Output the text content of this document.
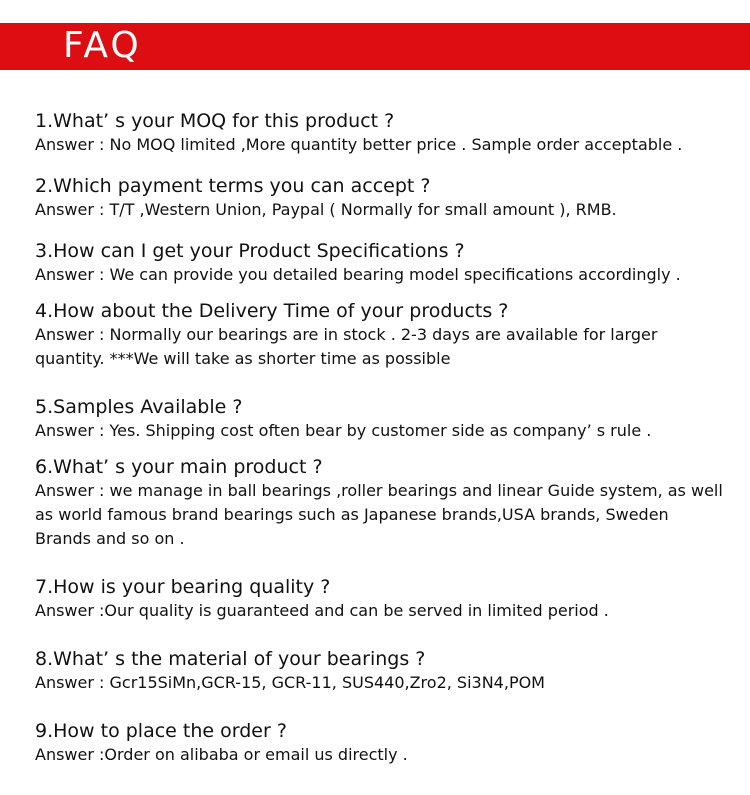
FAQ
1.What’ s your MOQ for this product ?

Answer : No MOQ limited ,More quantity better price . Sample order acceptable .

2.Which payment terms you can accept ?

Answer : T/T ,Western Union, Paypal ( Normally for small amount ), RMB.

3.How can I get your Product Specifications ?

Answer : We can provide you detailed bearing model specifications accordingly .

4.How about the Delivery Time of your products ?

Answer : Normally our bearings are in stock . 2-3 days are available for larger quantity. ***We will take as shorter time as possible

5.Samples Available ?

Answer : Yes. Shipping cost often bear by customer side as company’ s rule .

6.What’ s your main product ?

Answer : we manage in ball bearings ,roller bearings and linear Guide system, as well as world famous brand bearings such as Japanese brands,USA brands, Sweden Brands and so on .

7.How is your bearing quality ?

Answer :Our quality is guaranteed and can be served in limited period .

8.What’ s the material of your bearings ?

Answer : Gcr15SiMn,GCR-15, GCR-11, SUS440,Zro2, Si3N4,POM

9.How to place the order ?

Answer :Order on alibaba or email us directly .
